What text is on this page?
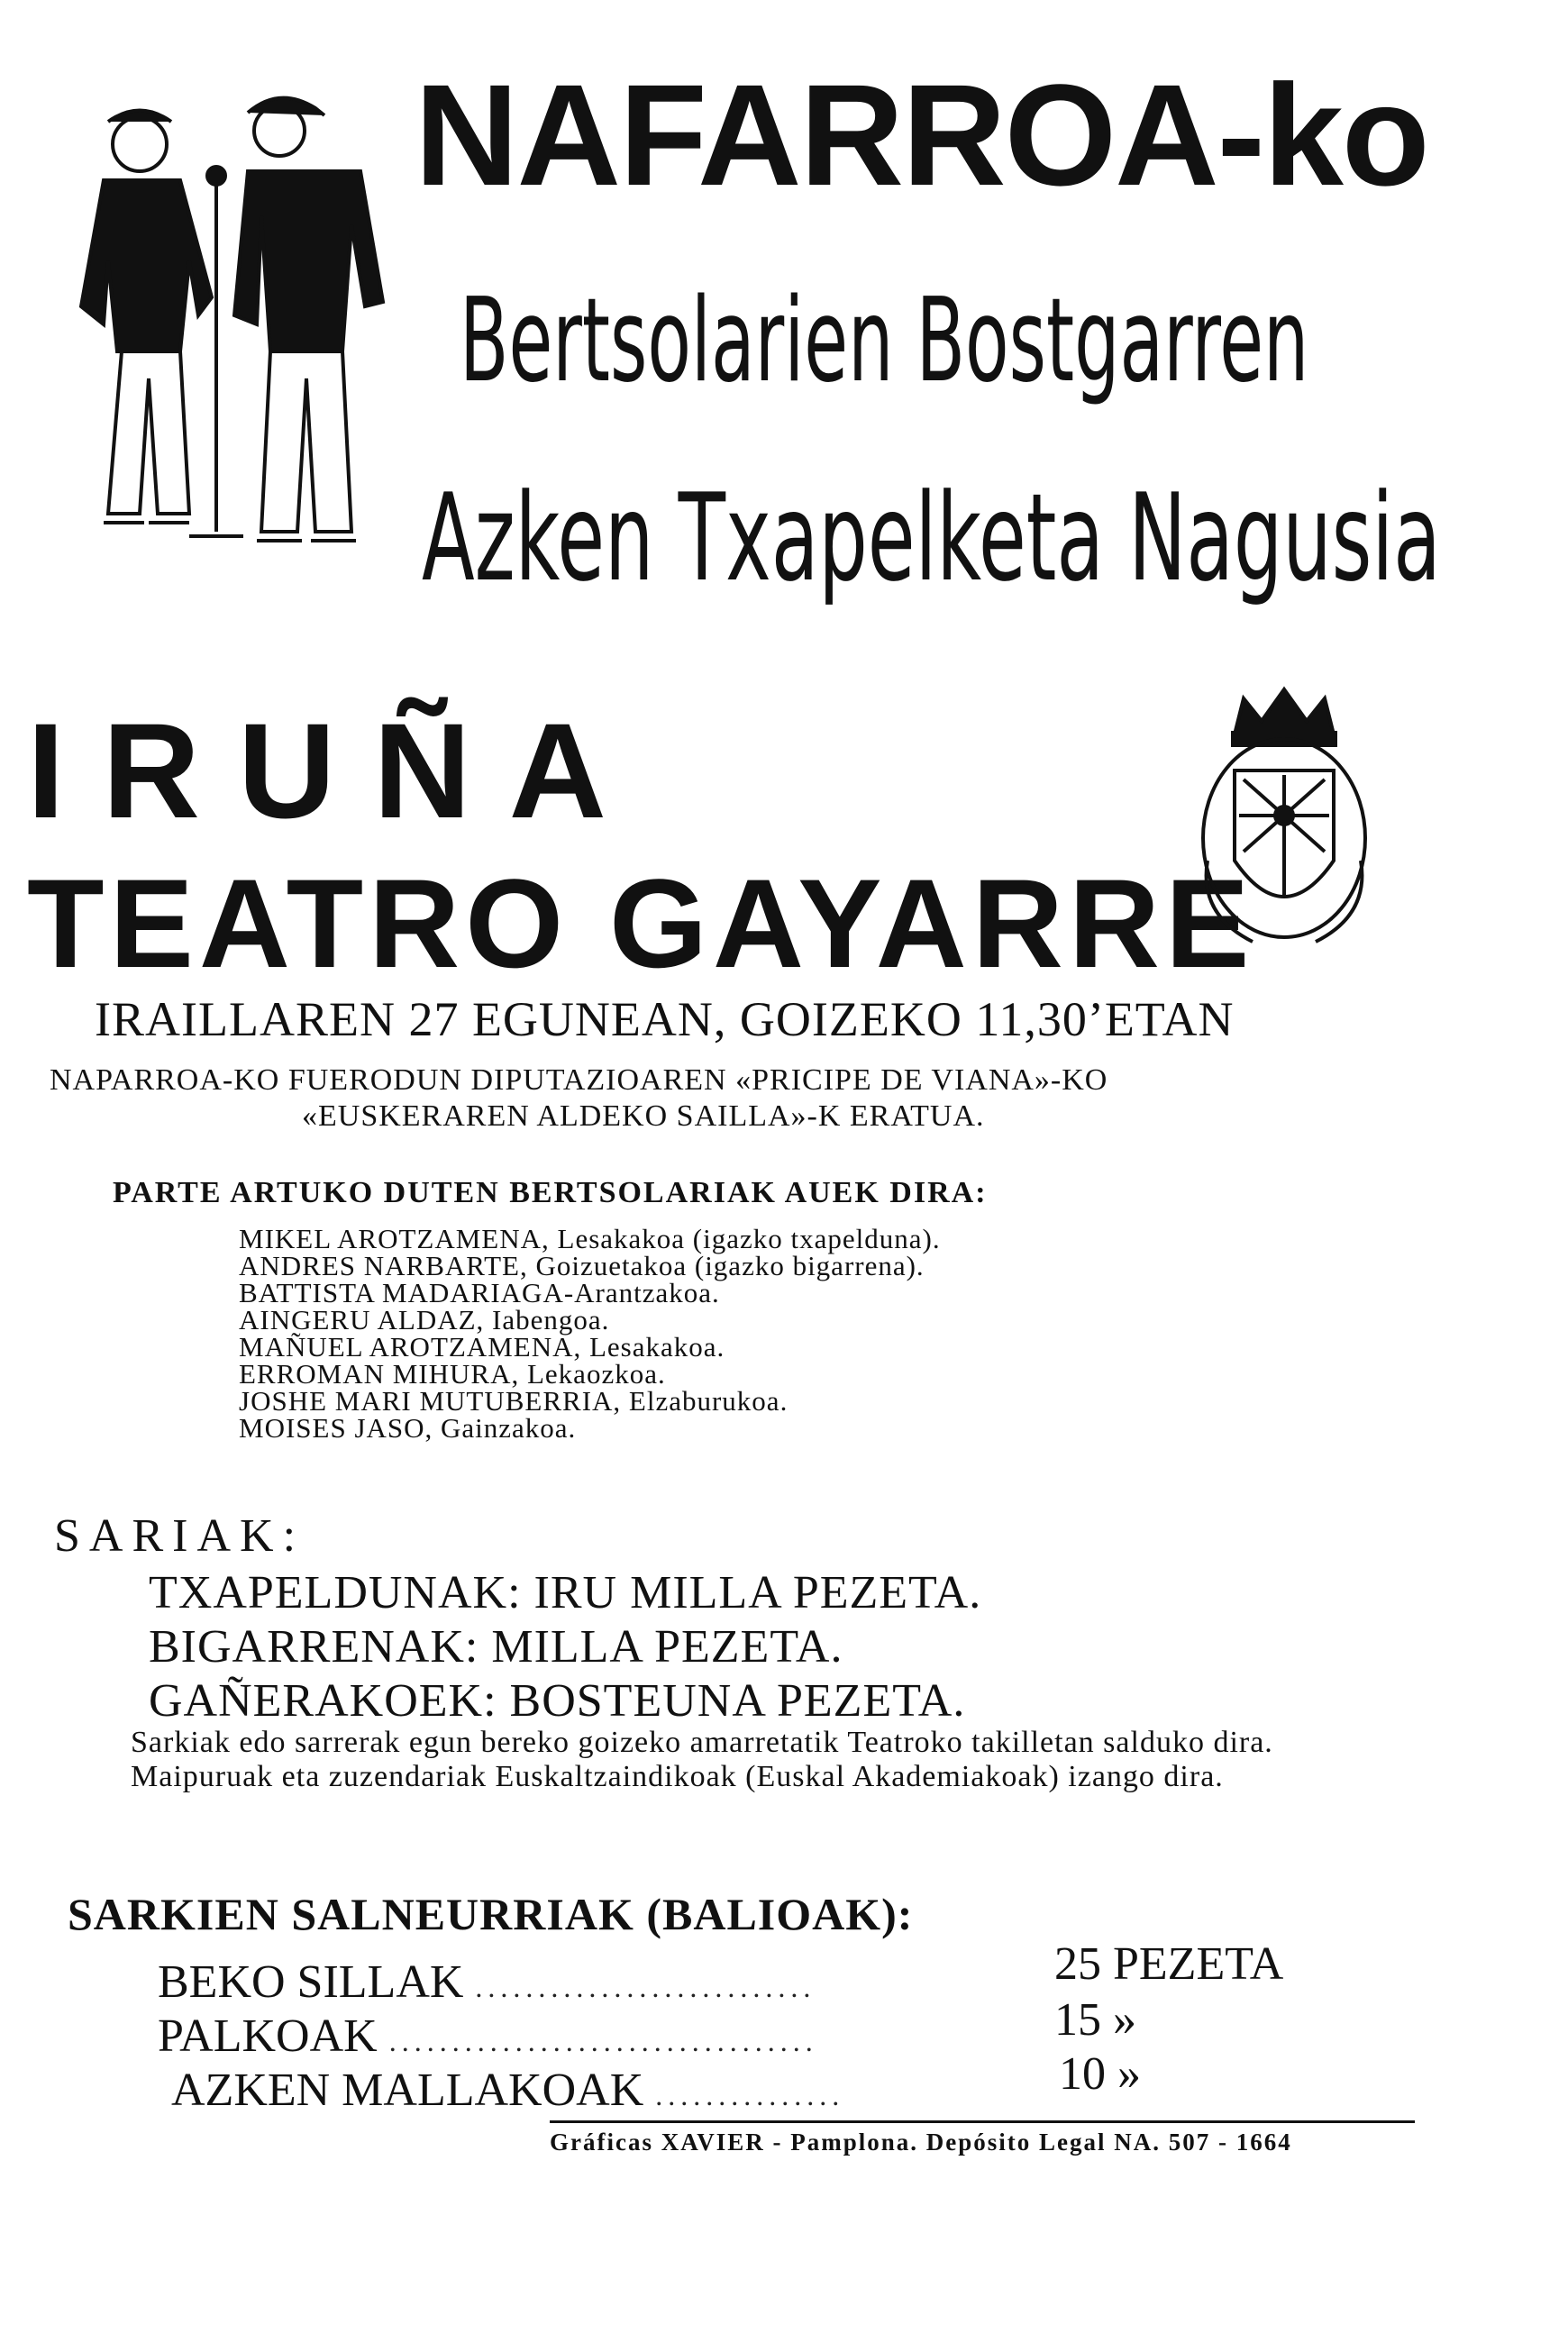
NAFARROA-ko
Bertsolarien Bostgarren
Azken Txapelketa Nagusia
IRUÑA
TEATRO GAYARRE
IRAILLAREN 27 EGUNEAN, GOIZEKO 11,30’ETAN
NAPARROA-KO FUERODUN DIPUTAZIOAREN «PRICIPE DE VIANA»-KO
«EUSKERAREN ALDEKO SAILLA»-K ERATUA.
PARTE ARTUKO DUTEN BERTSOLARIAK AUEK DIRA:
MIKEL AROTZAMENA, Lesakakoa (igazko txapelduna).
ANDRES NARBARTE, Goizuetakoa (igazko bigarrena).
BATTISTA MADARIAGA-Arantzakoa.
AINGERU ALDAZ, Iabengoa.
MAÑUEL AROTZAMENA, Lesakakoa.
ERROMAN MIHURA, Lekaozkoa.
JOSHE MARI MUTUBERRIA, Elzaburukoa.
MOISES JASO, Gainzakoa.
SARIAK:
TXAPELDUNAK: IRU MILLA PEZETA.
BIGARRENAK: MILLA PEZETA.
GAÑERAKOEK: BOSTEUNA PEZETA.

Sarkiak edo sarrerak egun bereko goizeko amarretatik Teatroko takilletan salduko dira.

Maipuruak eta zuzendariak Euskaltzaindikoak (Euskal Akademiakoak) izango dira.

SARKIEN SALNEURRIAK (BALIOAK):
BEKO SILLAK ...........................	25 PEZETA
PALKOAK ..................................	15 »
AZKEN MALLAKOAK ...............	10 »
Gráficas XAVIER - Pamplona. Depósito Legal NA. 507 - 1664
